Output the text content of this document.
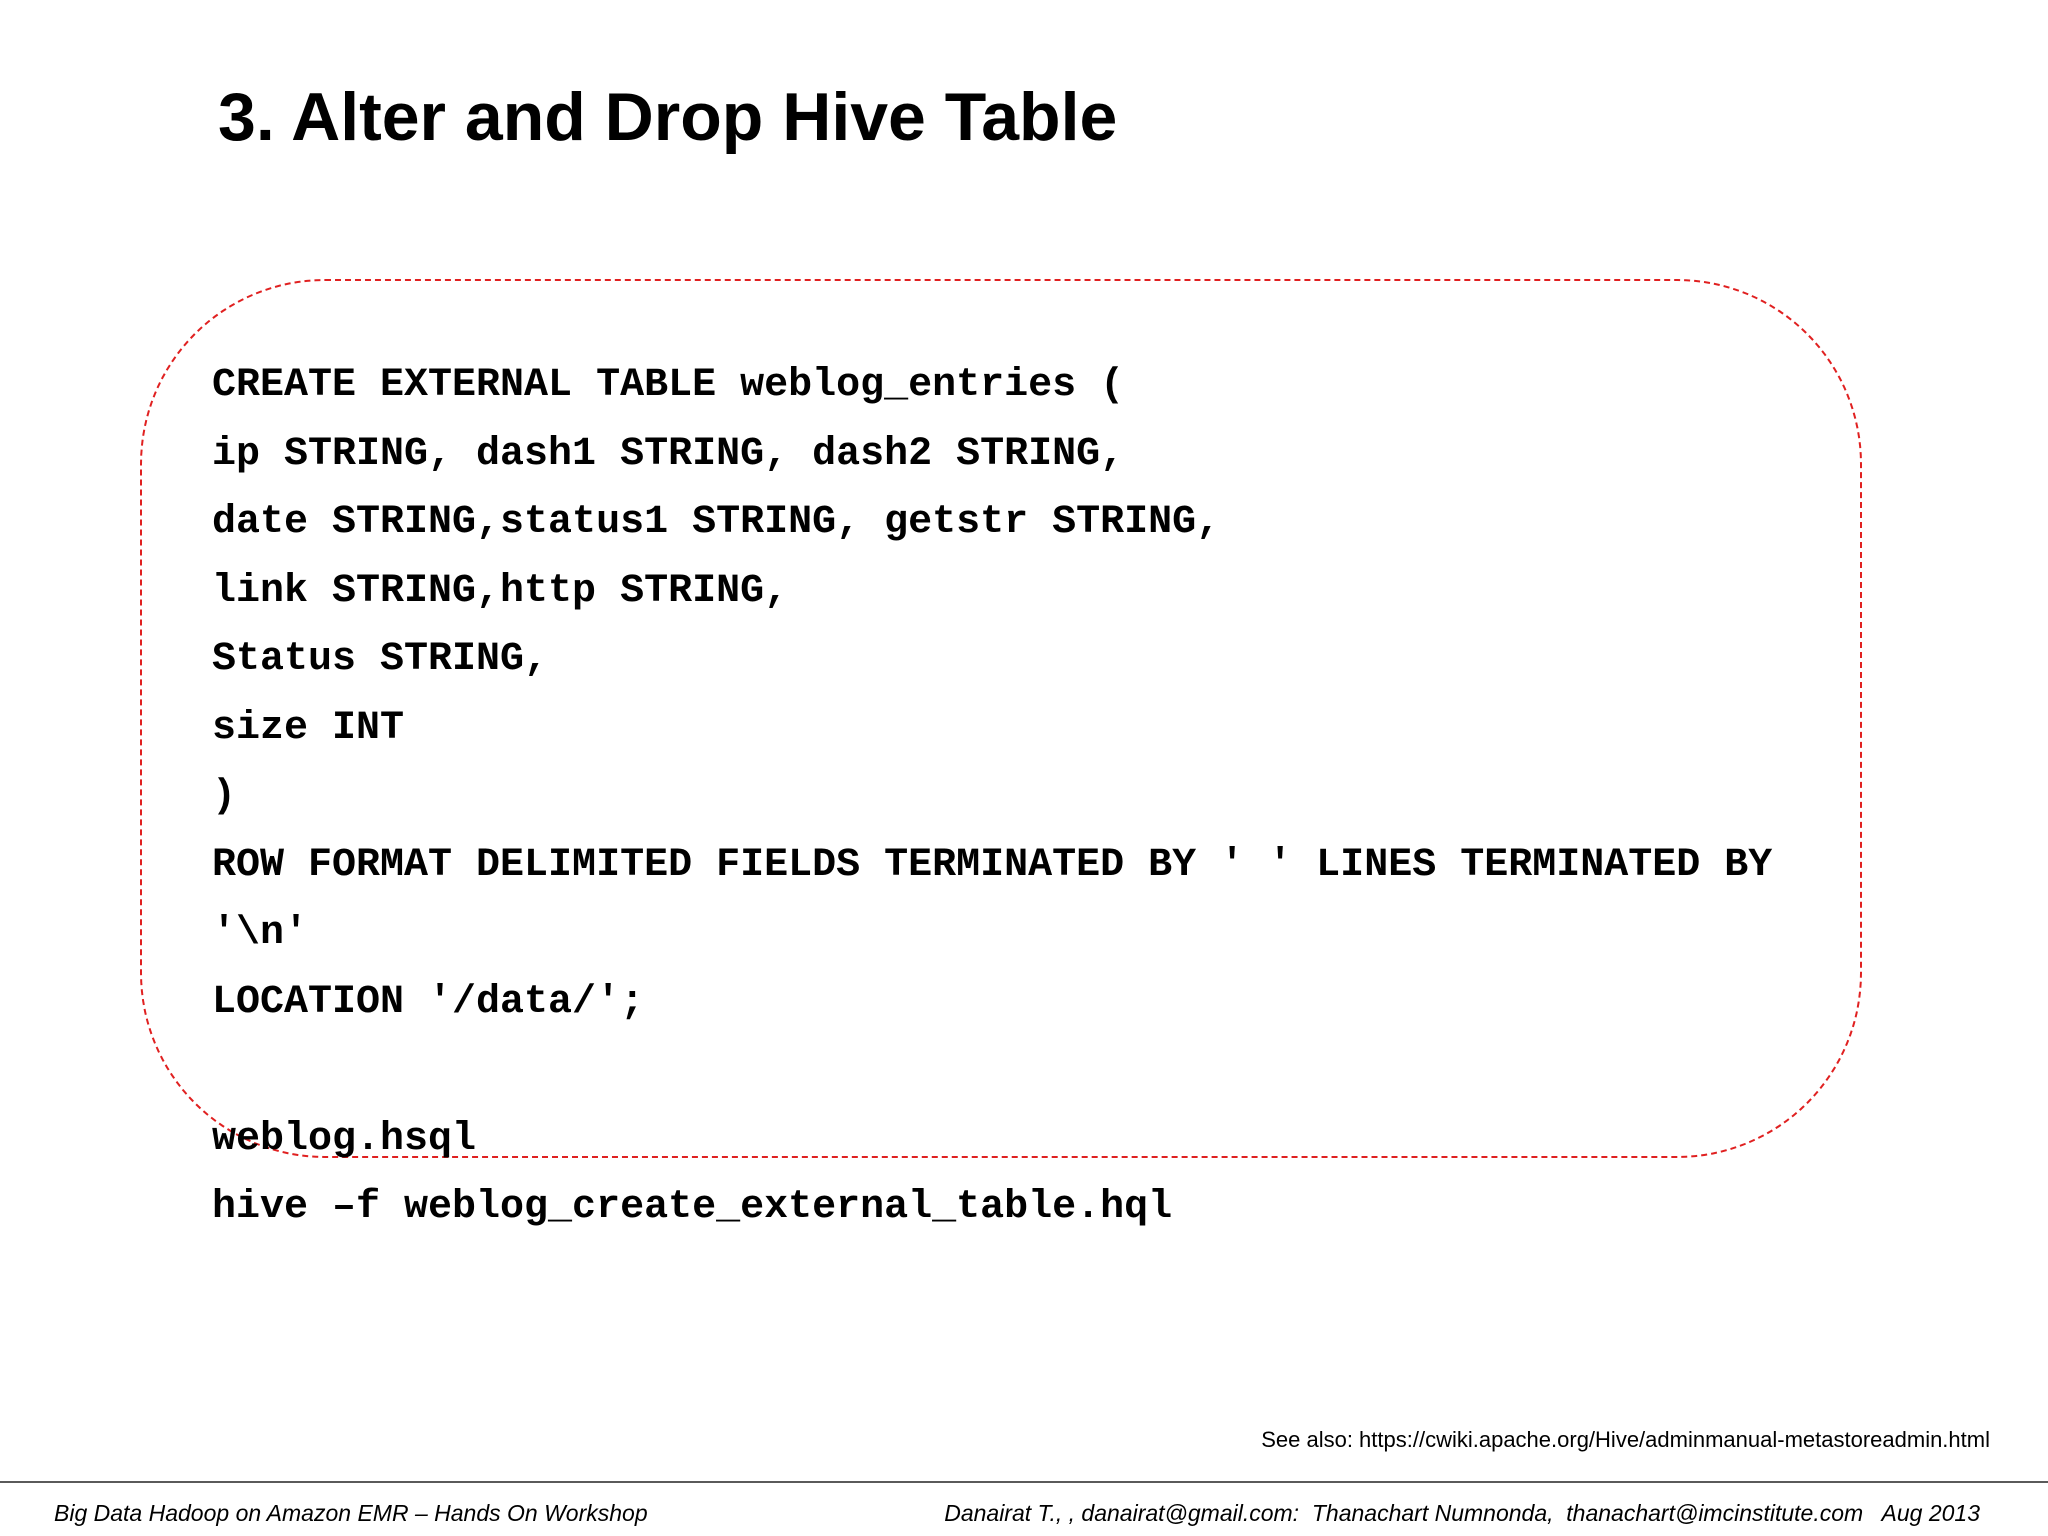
3. Alter and Drop Hive Table
CREATE EXTERNAL TABLE weblog_entries (
ip STRING, dash1 STRING, dash2 STRING,
date STRING,status1 STRING, getstr STRING,
link STRING,http STRING,
Status STRING,
size INT
)
ROW FORMAT DELIMITED FIELDS TERMINATED BY ' ' LINES TERMINATED BY
'\n'
LOCATION '/data/';
weblog.hsql
hive –f weblog_create_external_table.hql
See also: https://cwiki.apache.org/Hive/adminmanual-metastoreadmin.html
Big Data Hadoop on Amazon EMR – Hands On Workshop	Danairat T., , danairat@gmail.com:  Thanachart Numnonda,  thanachart@imcinstitute.com   Aug 2013
